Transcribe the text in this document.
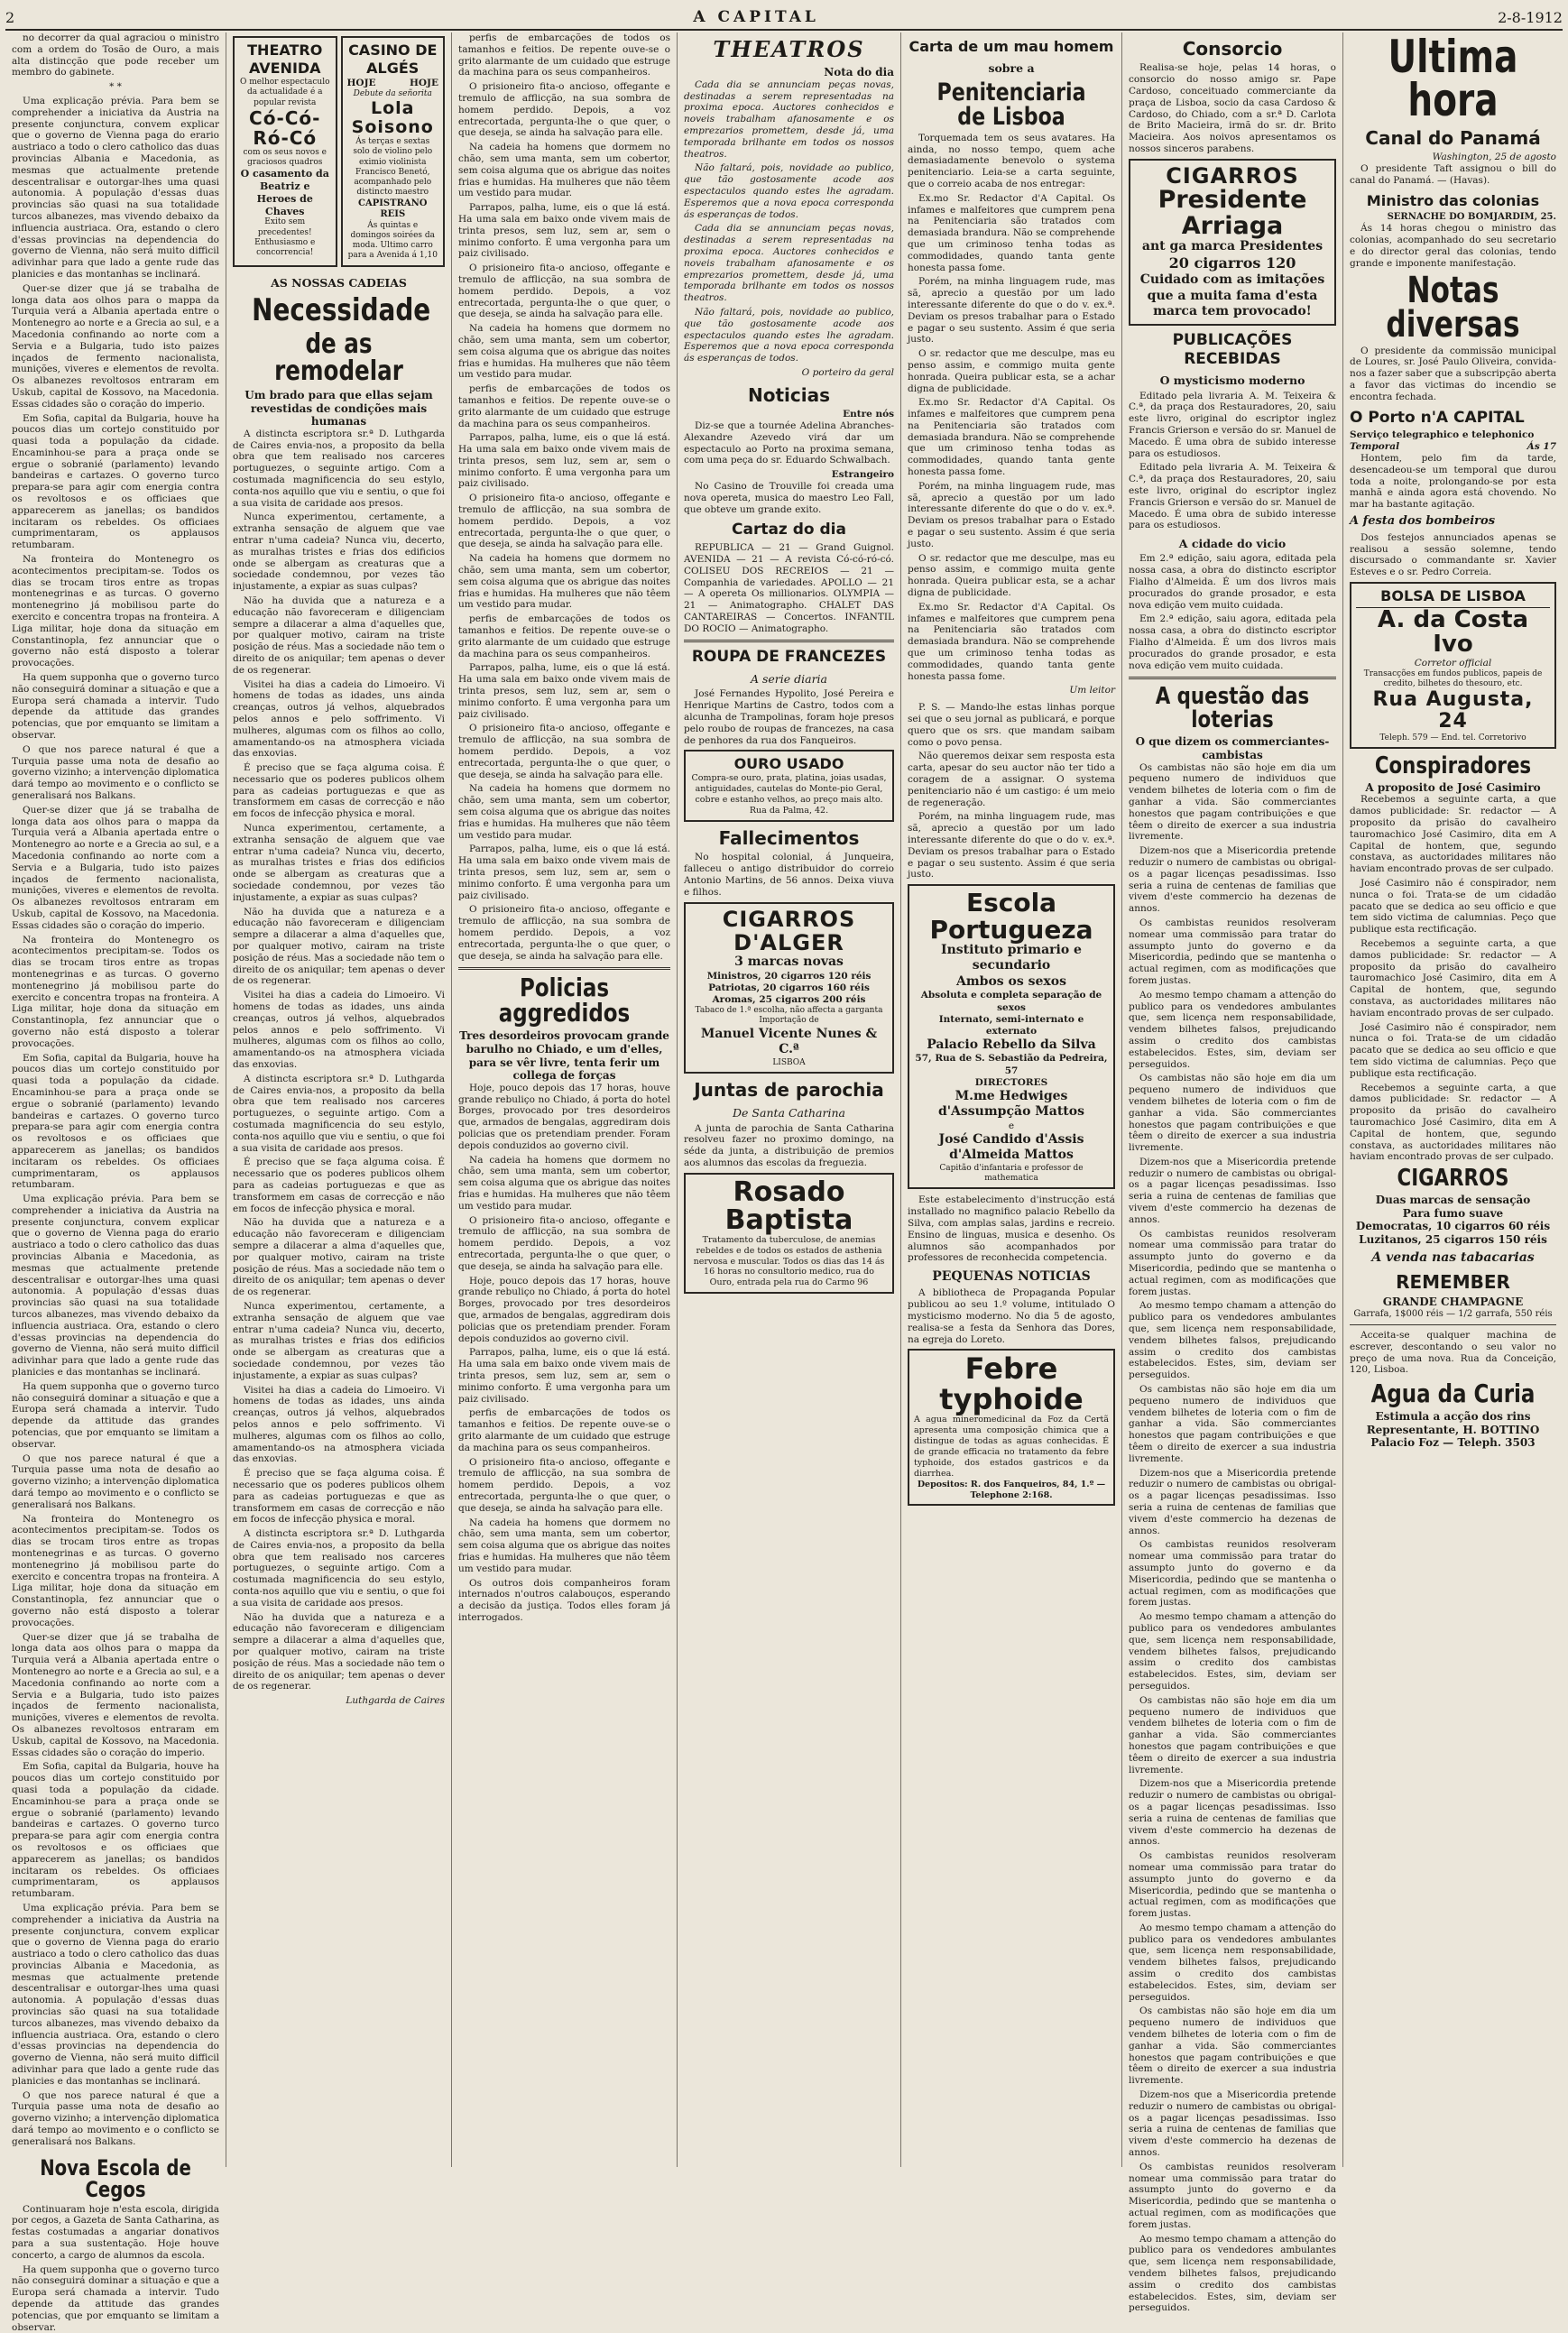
2	A CAPITAL	2-8-1912

no decorrer da qual agraciou o ministro com a ordem do Tosão de Ouro, a mais alta distincção que pode receber um membro do gabinete.

* *

Uma explicação prévia. Para bem se comprehender a iniciativa da Austria na presente conjunctura, convem explicar que o governo de Vienna paga do erario austriaco a todo o clero catholico das duas provincias Albania e Macedonia, as mesmas que actualmente pretende descentralisar e outorgar-lhes uma quasi autonomia. A população d'essas duas provincias são quasi na sua totalidade turcos albanezes, mas vivendo debaixo da influencia austriaca. Ora, estando o clero d'essas provincias na dependencia do governo de Vienna, não será muito difficil adivinhar para que lado a gente rude das planicies e das montanhas se inclinará.

Quer-se dizer que já se trabalha de longa data aos olhos para o mappa da Turquia verá a Albania apertada entre o Montenegro ao norte e a Grecia ao sul, e a Macedonia confinando ao norte com a Servia e a Bulgaria, tudo isto paizes inçados de fermento nacionalista, munições, viveres e elementos de revolta. Os albanezes revoltosos entraram em Uskub, capital de Kossovo, na Macedonia. Essas cidades são o coração do imperio.

Em Sofia, capital da Bulgaria, houve ha poucos dias um cortejo constituido por quasi toda a população da cidade. Encaminhou-se para a praça onde se ergue o sobranié (parlamento) levando bandeiras e cartazes. O governo turco prepara-se para agir com energia contra os revoltosos e os officiaes que apparecerem as janellas; os bandidos incitaram os rebeldes. Os officiaes cumprimentaram, os applausos retumbaram.

Na fronteira do Montenegro os acontecimentos precipitam-se. Todos os dias se trocam tiros entre as tropas montenegrinas e as turcas. O governo montenegrino já mobilisou parte do exercito e concentra tropas na fronteira. A Liga militar, hoje dona da situação em Constantinopla, fez annunciar que o governo não está disposto a tolerar provocações.

Ha quem supponha que o governo turco não conseguirá dominar a situação e que a Europa será chamada a intervir. Tudo depende da attitude das grandes potencias, que por emquanto se limitam a observar.

O que nos parece natural é que a Turquia passe uma nota de desafio ao governo vizinho; a intervenção diplomatica dará tempo ao movimento e o conflicto se generalisará nos Balkans.

Quer-se dizer que já se trabalha de longa data aos olhos para o mappa da Turquia verá a Albania apertada entre o Montenegro ao norte e a Grecia ao sul, e a Macedonia confinando ao norte com a Servia e a Bulgaria, tudo isto paizes inçados de fermento nacionalista, munições, viveres e elementos de revolta. Os albanezes revoltosos entraram em Uskub, capital de Kossovo, na Macedonia. Essas cidades são o coração do imperio.

Na fronteira do Montenegro os acontecimentos precipitam-se. Todos os dias se trocam tiros entre as tropas montenegrinas e as turcas. O governo montenegrino já mobilisou parte do exercito e concentra tropas na fronteira. A Liga militar, hoje dona da situação em Constantinopla, fez annunciar que o governo não está disposto a tolerar provocações.

Em Sofia, capital da Bulgaria, houve ha poucos dias um cortejo constituido por quasi toda a população da cidade. Encaminhou-se para a praça onde se ergue o sobranié (parlamento) levando bandeiras e cartazes. O governo turco prepara-se para agir com energia contra os revoltosos e os officiaes que apparecerem as janellas; os bandidos incitaram os rebeldes. Os officiaes cumprimentaram, os applausos retumbaram.

Uma explicação prévia. Para bem se comprehender a iniciativa da Austria na presente conjunctura, convem explicar que o governo de Vienna paga do erario austriaco a todo o clero catholico das duas provincias Albania e Macedonia, as mesmas que actualmente pretende descentralisar e outorgar-lhes uma quasi autonomia. A população d'essas duas provincias são quasi na sua totalidade turcos albanezes, mas vivendo debaixo da influencia austriaca. Ora, estando o clero d'essas provincias na dependencia do governo de Vienna, não será muito difficil adivinhar para que lado a gente rude das planicies e das montanhas se inclinará.

Ha quem supponha que o governo turco não conseguirá dominar a situação e que a Europa será chamada a intervir. Tudo depende da attitude das grandes potencias, que por emquanto se limitam a observar.

O que nos parece natural é que a Turquia passe uma nota de desafio ao governo vizinho; a intervenção diplomatica dará tempo ao movimento e o conflicto se generalisará nos Balkans.

Na fronteira do Montenegro os acontecimentos precipitam-se. Todos os dias se trocam tiros entre as tropas montenegrinas e as turcas. O governo montenegrino já mobilisou parte do exercito e concentra tropas na fronteira. A Liga militar, hoje dona da situação em Constantinopla, fez annunciar que o governo não está disposto a tolerar provocações.

Quer-se dizer que já se trabalha de longa data aos olhos para o mappa da Turquia verá a Albania apertada entre o Montenegro ao norte e a Grecia ao sul, e a Macedonia confinando ao norte com a Servia e a Bulgaria, tudo isto paizes inçados de fermento nacionalista, munições, viveres e elementos de revolta. Os albanezes revoltosos entraram em Uskub, capital de Kossovo, na Macedonia. Essas cidades são o coração do imperio.

Em Sofia, capital da Bulgaria, houve ha poucos dias um cortejo constituido por quasi toda a população da cidade. Encaminhou-se para a praça onde se ergue o sobranié (parlamento) levando bandeiras e cartazes. O governo turco prepara-se para agir com energia contra os revoltosos e os officiaes que apparecerem as janellas; os bandidos incitaram os rebeldes. Os officiaes cumprimentaram, os applausos retumbaram.

Uma explicação prévia. Para bem se comprehender a iniciativa da Austria na presente conjunctura, convem explicar que o governo de Vienna paga do erario austriaco a todo o clero catholico das duas provincias Albania e Macedonia, as mesmas que actualmente pretende descentralisar e outorgar-lhes uma quasi autonomia. A população d'essas duas provincias são quasi na sua totalidade turcos albanezes, mas vivendo debaixo da influencia austriaca. Ora, estando o clero d'essas provincias na dependencia do governo de Vienna, não será muito difficil adivinhar para que lado a gente rude das planicies e das montanhas se inclinará.

O que nos parece natural é que a Turquia passe uma nota de desafio ao governo vizinho; a intervenção diplomatica dará tempo ao movimento e o conflicto se generalisará nos Balkans.

Nova Escola de Cegos

Continuaram hoje n'esta escola, dirigida por cegos, a Gazeta de Santa Catharina, as festas costumadas a angariar donativos para a sua sustentação. Hoje houve concerto, a cargo de alumnos da escola.

Ha quem supponha que o governo turco não conseguirá dominar a situação e que a Europa será chamada a intervir. Tudo depende da attitude das grandes potencias, que por emquanto se limitam a observar.

THEATRO AVENIDA
O melhor espectaculo da actualidade é a popular revista
Có-Có-Ró-Có
com os seus novos e graciosos quadros
O casamento da Beatriz e Heroes de Chaves
Exito sem precedentes! Enthusiasmo e concorrencia!
CASINO DE ALGÉS
HOJE	HOJE
Debute da señorita
Lola Soisono
Ás terças e sextas solo de violino pelo eximio violinista Francisco Benetó, acompanhado pelo distincto maestro
CAPISTRANO REIS
Ás quintas e domingos soirées da moda. Ultimo carro para a Avenida á 1,10
AS NOSSAS CADEIAS
Necessidade
de as remodelar
Um brado para que ellas sejam revestidas de condições mais humanas

A distincta escriptora sr.ª D. Luthgarda de Caires envia-nos, a proposito da bella obra que tem realisado nos carceres portuguezes, o seguinte artigo. Com a costumada magnificencia do seu estylo, conta-nos aquillo que viu e sentiu, o que foi a sua visita de caridade aos presos.

Nunca experimentou, certamente, a extranha sensação de alguem que vae entrar n'uma cadeia? Nunca viu, decerto, as muralhas tristes e frias dos edificios onde se albergam as creaturas que a sociedade condemnou, por vezes tão injustamente, a expiar as suas culpas?

Não ha duvida que a natureza e a educação não favoreceram e diligenciam sempre a dilacerar a alma d'aquelles que, por qualquer motivo, cairam na triste posição de réus. Mas a sociedade não tem o direito de os aniquilar; tem apenas o dever de os regenerar.

Visitei ha dias a cadeia do Limoeiro. Vi homens de todas as idades, uns ainda creanças, outros já velhos, alquebrados pelos annos e pelo soffrimento. Vi mulheres, algumas com os filhos ao collo, amamentando-os na atmosphera viciada das enxovias.

É preciso que se faça alguma coisa. É necessario que os poderes publicos olhem para as cadeias portuguezas e que as transformem em casas de correcção e não em focos de infecção physica e moral.

Nunca experimentou, certamente, a extranha sensação de alguem que vae entrar n'uma cadeia? Nunca viu, decerto, as muralhas tristes e frias dos edificios onde se albergam as creaturas que a sociedade condemnou, por vezes tão injustamente, a expiar as suas culpas?

Não ha duvida que a natureza e a educação não favoreceram e diligenciam sempre a dilacerar a alma d'aquelles que, por qualquer motivo, cairam na triste posição de réus. Mas a sociedade não tem o direito de os aniquilar; tem apenas o dever de os regenerar.

Visitei ha dias a cadeia do Limoeiro. Vi homens de todas as idades, uns ainda creanças, outros já velhos, alquebrados pelos annos e pelo soffrimento. Vi mulheres, algumas com os filhos ao collo, amamentando-os na atmosphera viciada das enxovias.

A distincta escriptora sr.ª D. Luthgarda de Caires envia-nos, a proposito da bella obra que tem realisado nos carceres portuguezes, o seguinte artigo. Com a costumada magnificencia do seu estylo, conta-nos aquillo que viu e sentiu, o que foi a sua visita de caridade aos presos.

É preciso que se faça alguma coisa. É necessario que os poderes publicos olhem para as cadeias portuguezas e que as transformem em casas de correcção e não em focos de infecção physica e moral.

Não ha duvida que a natureza e a educação não favoreceram e diligenciam sempre a dilacerar a alma d'aquelles que, por qualquer motivo, cairam na triste posição de réus. Mas a sociedade não tem o direito de os aniquilar; tem apenas o dever de os regenerar.

Nunca experimentou, certamente, a extranha sensação de alguem que vae entrar n'uma cadeia? Nunca viu, decerto, as muralhas tristes e frias dos edificios onde se albergam as creaturas que a sociedade condemnou, por vezes tão injustamente, a expiar as suas culpas?

Visitei ha dias a cadeia do Limoeiro. Vi homens de todas as idades, uns ainda creanças, outros já velhos, alquebrados pelos annos e pelo soffrimento. Vi mulheres, algumas com os filhos ao collo, amamentando-os na atmosphera viciada das enxovias.

É preciso que se faça alguma coisa. É necessario que os poderes publicos olhem para as cadeias portuguezas e que as transformem em casas de correcção e não em focos de infecção physica e moral.

A distincta escriptora sr.ª D. Luthgarda de Caires envia-nos, a proposito da bella obra que tem realisado nos carceres portuguezes, o seguinte artigo. Com a costumada magnificencia do seu estylo, conta-nos aquillo que viu e sentiu, o que foi a sua visita de caridade aos presos.

Não ha duvida que a natureza e a educação não favoreceram e diligenciam sempre a dilacerar a alma d'aquelles que, por qualquer motivo, cairam na triste posição de réus. Mas a sociedade não tem o direito de os aniquilar; tem apenas o dever de os regenerar.

Luthgarda de Caires

perfis de embarcações de todos os tamanhos e feitios. De repente ouve-se o grito alarmante de um cuidado que estruge da machina para os seus companheiros.

O prisioneiro fita-o ancioso, offegante e tremulo de afflicção, na sua sombra de homem perdido. Depois, a voz entrecortada, pergunta-lhe o que quer, o que deseja, se ainda ha salvação para elle.

Na cadeia ha homens que dormem no chão, sem uma manta, sem um cobertor, sem coisa alguma que os abrigue das noites frias e humidas. Ha mulheres que não têem um vestido para mudar.

Parrapos, palha, lume, eis o que lá está. Ha uma sala em baixo onde vivem mais de trinta presos, sem luz, sem ar, sem o minimo conforto. É uma vergonha para um paiz civilisado.

O prisioneiro fita-o ancioso, offegante e tremulo de afflicção, na sua sombra de homem perdido. Depois, a voz entrecortada, pergunta-lhe o que quer, o que deseja, se ainda ha salvação para elle.

Na cadeia ha homens que dormem no chão, sem uma manta, sem um cobertor, sem coisa alguma que os abrigue das noites frias e humidas. Ha mulheres que não têem um vestido para mudar.

perfis de embarcações de todos os tamanhos e feitios. De repente ouve-se o grito alarmante de um cuidado que estruge da machina para os seus companheiros.

Parrapos, palha, lume, eis o que lá está. Ha uma sala em baixo onde vivem mais de trinta presos, sem luz, sem ar, sem o minimo conforto. É uma vergonha para um paiz civilisado.

O prisioneiro fita-o ancioso, offegante e tremulo de afflicção, na sua sombra de homem perdido. Depois, a voz entrecortada, pergunta-lhe o que quer, o que deseja, se ainda ha salvação para elle.

Na cadeia ha homens que dormem no chão, sem uma manta, sem um cobertor, sem coisa alguma que os abrigue das noites frias e humidas. Ha mulheres que não têem um vestido para mudar.

perfis de embarcações de todos os tamanhos e feitios. De repente ouve-se o grito alarmante de um cuidado que estruge da machina para os seus companheiros.

Parrapos, palha, lume, eis o que lá está. Ha uma sala em baixo onde vivem mais de trinta presos, sem luz, sem ar, sem o minimo conforto. É uma vergonha para um paiz civilisado.

O prisioneiro fita-o ancioso, offegante e tremulo de afflicção, na sua sombra de homem perdido. Depois, a voz entrecortada, pergunta-lhe o que quer, o que deseja, se ainda ha salvação para elle.

Na cadeia ha homens que dormem no chão, sem uma manta, sem um cobertor, sem coisa alguma que os abrigue das noites frias e humidas. Ha mulheres que não têem um vestido para mudar.

Parrapos, palha, lume, eis o que lá está. Ha uma sala em baixo onde vivem mais de trinta presos, sem luz, sem ar, sem o minimo conforto. É uma vergonha para um paiz civilisado.

O prisioneiro fita-o ancioso, offegante e tremulo de afflicção, na sua sombra de homem perdido. Depois, a voz entrecortada, pergunta-lhe o que quer, o que deseja, se ainda ha salvação para elle.

Policias aggredidos
Tres desordeiros provocam grande barulho no Chiado, e um d'elles, para se vêr livre, tenta ferir um collega de forças

Hoje, pouco depois das 17 horas, houve grande rebuliço no Chiado, á porta do hotel Borges, provocado por tres desordeiros que, armados de bengalas, aggrediram dois policias que os pretendiam prender. Foram depois conduzidos ao governo civil.

Na cadeia ha homens que dormem no chão, sem uma manta, sem um cobertor, sem coisa alguma que os abrigue das noites frias e humidas. Ha mulheres que não têem um vestido para mudar.

O prisioneiro fita-o ancioso, offegante e tremulo de afflicção, na sua sombra de homem perdido. Depois, a voz entrecortada, pergunta-lhe o que quer, o que deseja, se ainda ha salvação para elle.

Hoje, pouco depois das 17 horas, houve grande rebuliço no Chiado, á porta do hotel Borges, provocado por tres desordeiros que, armados de bengalas, aggrediram dois policias que os pretendiam prender. Foram depois conduzidos ao governo civil.

Parrapos, palha, lume, eis o que lá está. Ha uma sala em baixo onde vivem mais de trinta presos, sem luz, sem ar, sem o minimo conforto. É uma vergonha para um paiz civilisado.

perfis de embarcações de todos os tamanhos e feitios. De repente ouve-se o grito alarmante de um cuidado que estruge da machina para os seus companheiros.

O prisioneiro fita-o ancioso, offegante e tremulo de afflicção, na sua sombra de homem perdido. Depois, a voz entrecortada, pergunta-lhe o que quer, o que deseja, se ainda ha salvação para elle.

Na cadeia ha homens que dormem no chão, sem uma manta, sem um cobertor, sem coisa alguma que os abrigue das noites frias e humidas. Ha mulheres que não têem um vestido para mudar.

Os outros dois companheiros foram internados n'outros calabouços, esperando a decisão da justiça. Todos elles foram já interrogados.

THEATROS
Nota do dia

Cada dia se annunciam peças novas, destinadas a serem representadas na proxima epoca. Auctores conhecidos e noveis trabalham afanosamente e os emprezarios promettem, desde já, uma temporada brilhante em todos os nossos theatros.

Não faltará, pois, novidade ao publico, que tão gostosamente acode aos espectaculos quando estes lhe agradam. Esperemos que a nova epoca corresponda ás esperanças de todos.

Cada dia se annunciam peças novas, destinadas a serem representadas na proxima epoca. Auctores conhecidos e noveis trabalham afanosamente e os emprezarios promettem, desde já, uma temporada brilhante em todos os nossos theatros.

Não faltará, pois, novidade ao publico, que tão gostosamente acode aos espectaculos quando estes lhe agradam. Esperemos que a nova epoca corresponda ás esperanças de todos.

O porteiro da geral
Noticias
Entre nós

Diz-se que a tournée Adelina Abranches-Alexandre Azevedo virá dar um espectaculo ao Porto na proxima semana, com uma peça do sr. Eduardo Schwalbach.

Estrangeiro

No Casino de Trouville foi creada uma nova opereta, musica do maestro Leo Fall, que obteve um grande exito.

Cartaz do dia

REPUBLICA — 21 — Grand Guignol. AVENIDA — 21 — A revista Có-có-ró-có. COLISEU DOS RECREIOS — 21 — Companhia de variedades. APOLLO — 21 — A opereta Os millionarios. OLYMPIA — 21 — Animatographo. CHALET DAS CANTAREIRAS — Concertos. INFANTIL DO ROCIO — Animatographo.

ROUPA DE FRANCEZES
A serie diaria

José Fernandes Hypolito, José Pereira e Henrique Martins de Castro, todos com a alcunha de Trampolinas, foram hoje presos pelo roubo de roupas de francezes, na casa de penhores da rua dos Fanqueiros.

OURO USADO
Compra-se ouro, prata, platina, joias usadas, antiguidades, cautelas do Monte-pio Geral, cobre e estanho velhos, ao preço mais alto. Rua da Palma, 42.
Fallecimentos

No hospital colonial, á Junqueira, falleceu o antigo distribuidor do correio Antonio Martins, de 56 annos. Deixa viuva e filhos.

CIGARROS
D'ALGER
3 marcas novas
Ministros, 20 cigarros 120 réis
Patriotas, 20 cigarros 160 réis
Aromas, 25 cigarros 200 réis
Tabaco de 1.ª escolha, não affecta a garganta
Importação de
Manuel Vicente Nunes & C.ª
LISBOA
Juntas de parochia
De Santa Catharina

A junta de parochia de Santa Catharina resolveu fazer no proximo domingo, na séde da junta, a distribuição de premios aos alumnos das escolas da freguezia.

Rosado Baptista
Tratamento da tuberculose, de anemias rebeldes e de todos os estados de asthenia nervosa e muscular. Todos os dias das 14 ás 16 horas no consultorio medico, rua do Ouro, entrada pela rua do Carmo 96
Carta de um mau homem
sobre a
Penitenciaria de Lisboa

Torquemada tem os seus avatares. Ha ainda, no nosso tempo, quem ache demasiadamente benevolo o systema penitenciario. Leia-se a carta seguinte, que o correio acaba de nos entregar:

Ex.mo Sr. Redactor d'A Capital. Os infames e malfeitores que cumprem pena na Penitenciaria são tratados com demasiada brandura. Não se comprehende que um criminoso tenha todas as commodidades, quando tanta gente honesta passa fome.

Porém, na minha linguagem rude, mas sã, aprecio a questão por um lado interessante diferente do que o do v. ex.ª. Deviam os presos trabalhar para o Estado e pagar o seu sustento. Assim é que seria justo.

O sr. redactor que me desculpe, mas eu penso assim, e commigo muita gente honrada. Queira publicar esta, se a achar digna de publicidade.

Ex.mo Sr. Redactor d'A Capital. Os infames e malfeitores que cumprem pena na Penitenciaria são tratados com demasiada brandura. Não se comprehende que um criminoso tenha todas as commodidades, quando tanta gente honesta passa fome.

Porém, na minha linguagem rude, mas sã, aprecio a questão por um lado interessante diferente do que o do v. ex.ª. Deviam os presos trabalhar para o Estado e pagar o seu sustento. Assim é que seria justo.

O sr. redactor que me desculpe, mas eu penso assim, e commigo muita gente honrada. Queira publicar esta, se a achar digna de publicidade.

Ex.mo Sr. Redactor d'A Capital. Os infames e malfeitores que cumprem pena na Penitenciaria são tratados com demasiada brandura. Não se comprehende que um criminoso tenha todas as commodidades, quando tanta gente honesta passa fome.

Um leitor

P. S. — Mando-lhe estas linhas porque sei que o seu jornal as publicará, e porque quero que os srs. que mandam saibam como o povo pensa.

Não queremos deixar sem resposta esta carta, apesar do seu auctor não ter tido a coragem de a assignar. O systema penitenciario não é um castigo: é um meio de regeneração.

Porém, na minha linguagem rude, mas sã, aprecio a questão por um lado interessante diferente do que o do v. ex.ª. Deviam os presos trabalhar para o Estado e pagar o seu sustento. Assim é que seria justo.

Escola Portugueza
Instituto primario e secundario
Ambos os sexos
Absoluta e completa separação de sexos
Internato, semi-internato e externato
Palacio Rebello da Silva
57, Rua de S. Sebastião da Pedreira, 57
DIRECTORES
M.me Hedwiges d'Assumpção Mattos
e
José Candido d'Assis d'Almeida Mattos
Capitão d'infantaria e professor de mathematica

Este estabelecimento d'instrucção está installado no magnifico palacio Rebello da Silva, com amplas salas, jardins e recreio. Ensino de linguas, musica e desenho. Os alumnos são acompanhados por professores de reconhecida competencia.

PEQUENAS NOTICIAS

A bibliotheca de Propaganda Popular publicou ao seu 1.º volume, intitulado O mysticismo moderno. No dia 5 de agosto, realisa-se a festa da Senhora das Dores, na egreja do Loreto.

Febre typhoide
A agua mineromedicinal da Foz da Certã apresenta uma composição chimica que a distingue de todas as aguas conhecidas. É de grande efficacia no tratamento da febre typhoide, dos estados gastricos e da diarrhea.
Depositos: R. dos Fanqueiros, 84, 1.º — Telephone 2:168.
Consorcio

Realisa-se hoje, pelas 14 horas, o consorcio do nosso amigo sr. Pape Cardoso, conceituado commerciante da praça de Lisboa, socio da casa Cardoso & Cardoso, do Chiado, com a sr.ª D. Carlota de Brito Macieira, irmã do sr. dr. Brito Macieira. Aos noivos apresentamos os nossos sinceros parabens.

CIGARROS
Presidente Arriaga
ant ga marca Presidentes
20 cigarros 120
Cuidado com as imitações que a muita fama d'esta marca tem provocado!
PUBLICAÇÕES RECEBIDAS
O mysticismo moderno

Editado pela livraria A. M. Teixeira & C.ª, da praça dos Restauradores, 20, saiu este livro, original do escriptor inglez Francis Grierson e versão do sr. Manuel de Macedo. É uma obra de subido interesse para os estudiosos.

Editado pela livraria A. M. Teixeira & C.ª, da praça dos Restauradores, 20, saiu este livro, original do escriptor inglez Francis Grierson e versão do sr. Manuel de Macedo. É uma obra de subido interesse para os estudiosos.

A cidade do vicio

Em 2.ª edição, saiu agora, editada pela nossa casa, a obra do distincto escriptor Fialho d'Almeida. É um dos livros mais procurados do grande prosador, e esta nova edição vem muito cuidada.

Em 2.ª edição, saiu agora, editada pela nossa casa, a obra do distincto escriptor Fialho d'Almeida. É um dos livros mais procurados do grande prosador, e esta nova edição vem muito cuidada.

A questão das loterias
O que dizem os commerciantes-cambistas

Os cambistas não são hoje em dia um pequeno numero de individuos que vendem bilhetes de loteria com o fim de ganhar a vida. São commerciantes honestos que pagam contribuições e que têem o direito de exercer a sua industria livremente.

Dizem-nos que a Misericordia pretende reduzir o numero de cambistas ou obrigal-os a pagar licenças pesadissimas. Isso seria a ruina de centenas de familias que vivem d'este commercio ha dezenas de annos.

Os cambistas reunidos resolveram nomear uma commissão para tratar do assumpto junto do governo e da Misericordia, pedindo que se mantenha o actual regimen, com as modificações que forem justas.

Ao mesmo tempo chamam a attenção do publico para os vendedores ambulantes que, sem licença nem responsabilidade, vendem bilhetes falsos, prejudicando assim o credito dos cambistas estabelecidos. Estes, sim, deviam ser perseguidos.

Os cambistas não são hoje em dia um pequeno numero de individuos que vendem bilhetes de loteria com o fim de ganhar a vida. São commerciantes honestos que pagam contribuições e que têem o direito de exercer a sua industria livremente.

Dizem-nos que a Misericordia pretende reduzir o numero de cambistas ou obrigal-os a pagar licenças pesadissimas. Isso seria a ruina de centenas de familias que vivem d'este commercio ha dezenas de annos.

Os cambistas reunidos resolveram nomear uma commissão para tratar do assumpto junto do governo e da Misericordia, pedindo que se mantenha o actual regimen, com as modificações que forem justas.

Ao mesmo tempo chamam a attenção do publico para os vendedores ambulantes que, sem licença nem responsabilidade, vendem bilhetes falsos, prejudicando assim o credito dos cambistas estabelecidos. Estes, sim, deviam ser perseguidos.

Os cambistas não são hoje em dia um pequeno numero de individuos que vendem bilhetes de loteria com o fim de ganhar a vida. São commerciantes honestos que pagam contribuições e que têem o direito de exercer a sua industria livremente.

Dizem-nos que a Misericordia pretende reduzir o numero de cambistas ou obrigal-os a pagar licenças pesadissimas. Isso seria a ruina de centenas de familias que vivem d'este commercio ha dezenas de annos.

Os cambistas reunidos resolveram nomear uma commissão para tratar do assumpto junto do governo e da Misericordia, pedindo que se mantenha o actual regimen, com as modificações que forem justas.

Ao mesmo tempo chamam a attenção do publico para os vendedores ambulantes que, sem licença nem responsabilidade, vendem bilhetes falsos, prejudicando assim o credito dos cambistas estabelecidos. Estes, sim, deviam ser perseguidos.

Os cambistas não são hoje em dia um pequeno numero de individuos que vendem bilhetes de loteria com o fim de ganhar a vida. São commerciantes honestos que pagam contribuições e que têem o direito de exercer a sua industria livremente.

Dizem-nos que a Misericordia pretende reduzir o numero de cambistas ou obrigal-os a pagar licenças pesadissimas. Isso seria a ruina de centenas de familias que vivem d'este commercio ha dezenas de annos.

Os cambistas reunidos resolveram nomear uma commissão para tratar do assumpto junto do governo e da Misericordia, pedindo que se mantenha o actual regimen, com as modificações que forem justas.

Ao mesmo tempo chamam a attenção do publico para os vendedores ambulantes que, sem licença nem responsabilidade, vendem bilhetes falsos, prejudicando assim o credito dos cambistas estabelecidos. Estes, sim, deviam ser perseguidos.

Os cambistas não são hoje em dia um pequeno numero de individuos que vendem bilhetes de loteria com o fim de ganhar a vida. São commerciantes honestos que pagam contribuições e que têem o direito de exercer a sua industria livremente.

Dizem-nos que a Misericordia pretende reduzir o numero de cambistas ou obrigal-os a pagar licenças pesadissimas. Isso seria a ruina de centenas de familias que vivem d'este commercio ha dezenas de annos.

Os cambistas reunidos resolveram nomear uma commissão para tratar do assumpto junto do governo e da Misericordia, pedindo que se mantenha o actual regimen, com as modificações que forem justas.

Ao mesmo tempo chamam a attenção do publico para os vendedores ambulantes que, sem licença nem responsabilidade, vendem bilhetes falsos, prejudicando assim o credito dos cambistas estabelecidos. Estes, sim, deviam ser perseguidos.

Ultima hora
Canal do Panamá
Washington, 25 de agosto

O presidente Taft assignou o bill do canal do Panamá. — (Havas).

Ministro das colonias
SERNACHE DO BOMJARDIM, 25.

Ás 14 horas chegou o ministro das colonias, acompanhado do seu secretario e do director geral das colonias, tendo grande e imponente manifestação.

Notas diversas

O presidente da commissão municipal de Loures, sr. José Paulo Oliveira, convida-nos a fazer saber que a subscripção aberta a favor das victimas do incendio se encontra fechada.

O Porto n'A CAPITAL
Serviço telegraphico e telephonico
Temporal	Ás 17

Hontem, pelo fim da tarde, desencadeou-se um temporal que durou toda a noite, prolongando-se por esta manhã e ainda agora está chovendo. No mar ha bastante agitação.

A festa dos bombeiros

Dos festejos annunciados apenas se realisou a sessão solemne, tendo discursado o commandante sr. Xavier Esteves e o sr. Pedro Correia.

BOLSA DE LISBOA
A. da Costa Ivo
Corretor official
Transacções em fundos publicos, papeis de credito, bilhetes do thesouro, etc.
Rua Augusta, 24
Teleph. 579 — End. tel. Corretorivo
Conspiradores
A proposito de José Casimiro

Recebemos a seguinte carta, a que damos publicidade: Sr. redactor — A proposito da prisão do cavalheiro tauromachico José Casimiro, dita em A Capital de hontem, que, segundo constava, as auctoridades militares não haviam encontrado provas de ser culpado.

José Casimiro não é conspirador, nem nunca o foi. Trata-se de um cidadão pacato que se dedica ao seu officio e que tem sido victima de calumnias. Peço que publique esta rectificação.

Recebemos a seguinte carta, a que damos publicidade: Sr. redactor — A proposito da prisão do cavalheiro tauromachico José Casimiro, dita em A Capital de hontem, que, segundo constava, as auctoridades militares não haviam encontrado provas de ser culpado.

José Casimiro não é conspirador, nem nunca o foi. Trata-se de um cidadão pacato que se dedica ao seu officio e que tem sido victima de calumnias. Peço que publique esta rectificação.

Recebemos a seguinte carta, a que damos publicidade: Sr. redactor — A proposito da prisão do cavalheiro tauromachico José Casimiro, dita em A Capital de hontem, que, segundo constava, as auctoridades militares não haviam encontrado provas de ser culpado.

CIGARROS
Duas marcas de sensação
Para fumo suave
Democratas, 10 cigarros 60 réis
Luzitanos, 25 cigarros 150 réis
A venda nas tabacarias
REMEMBER
GRANDE CHAMPAGNE
Garrafa, 1$000 réis — 1/2 garrafa, 550 réis

Acceita-se qualquer machina de escrever, descontando o seu valor no preço de uma nova. Rua da Conceição, 120, Lisboa.

Agua da Curia
Estimula a acção dos rins
Representante, H. BOTTINO
Palacio Foz — Teleph. 3503
